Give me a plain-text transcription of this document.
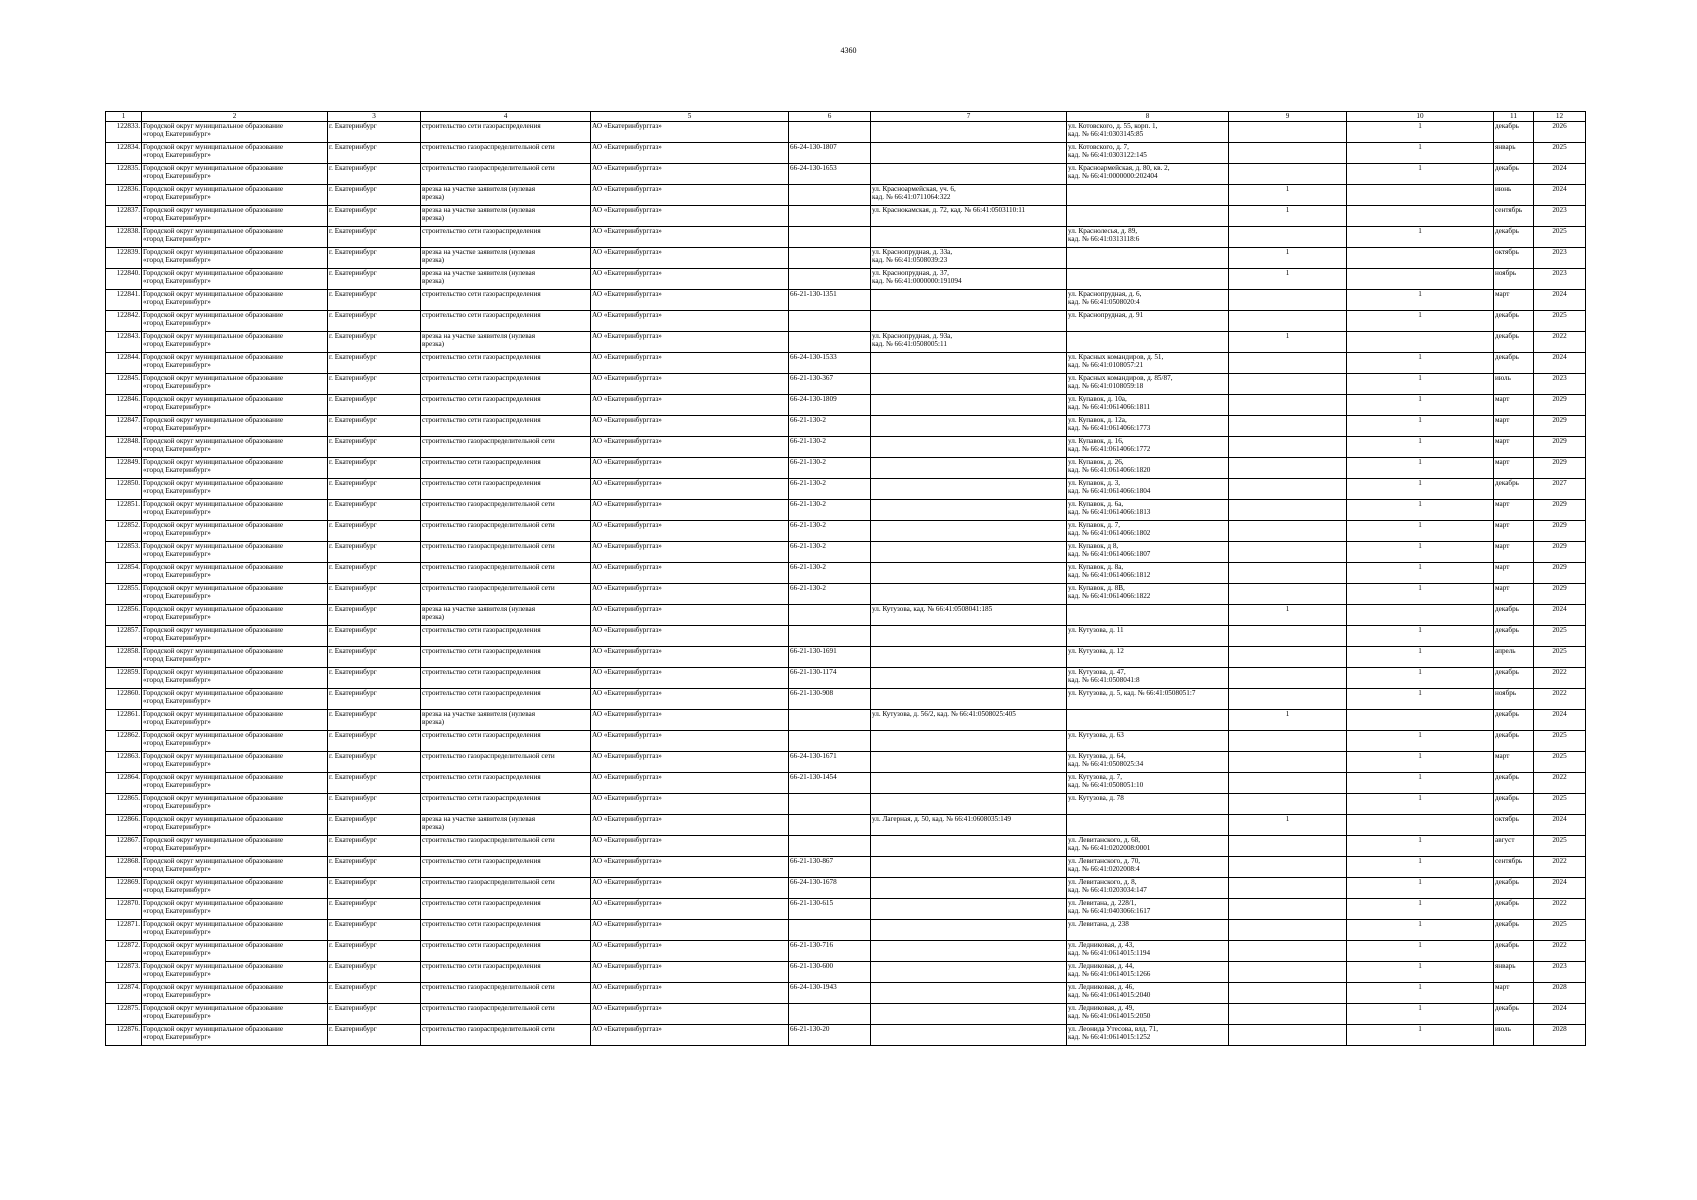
4360
1	2	3	4	5	6	7	8	9	10	11	12
122833.	Городской округ муниципальное образование
«город Екатеринбург»	г. Екатеринбург	строительство сети газораспределения	АО «Екатеринбурггаз»			ул. Котовского, д. 55, корп. 1,
кад. № 66:41:0303145:85		1	декабрь	2026
122834.	Городской округ муниципальное образование
«город Екатеринбург»	г. Екатеринбург	строительство газораспределительной сети	АО «Екатеринбурггаз»	66-24-130-1807		ул. Котовского, д. 7,
кад. № 66:41:0303122:145		1	январь	2025
122835.	Городской округ муниципальное образование
«город Екатеринбург»	г. Екатеринбург	строительство газораспределительной сети	АО «Екатеринбурггаз»	66-24-130-1653		ул. Красноармейская, д. 80, кв. 2,
кад. № 66:41:0000000:202404		1	декабрь	2024
122836.	Городской округ муниципальное образование
«город Екатеринбург»	г. Екатеринбург	врезка на участке заявителя (нулевая
врезка)	АО «Екатеринбурггаз»		ул. Красноармейская, уч. 6,
кад. № 66:41:0711064:322		1		июнь	2024
122837.	Городской округ муниципальное образование
«город Екатеринбург»	г. Екатеринбург	врезка на участке заявителя (нулевая
врезка)	АО «Екатеринбурггаз»		ул. Краснокамская, д. 72, кад. № 66:41:0503110:11		1		сентябрь	2023
122838.	Городской округ муниципальное образование
«город Екатеринбург»	г. Екатеринбург	строительство сети газораспределения	АО «Екатеринбурггаз»			ул. Краснолесья, д. 89,
кад. № 66:41:0313118:6		1	декабрь	2025
122839.	Городской округ муниципальное образование
«город Екатеринбург»	г. Екатеринбург	врезка на участке заявителя (нулевая
врезка)	АО «Екатеринбурггаз»		ул. Краснопрудная, д. 33а,
кад. № 66:41:0508039:23		1		октябрь	2023
122840.	Городской округ муниципальное образование
«город Екатеринбург»	г. Екатеринбург	врезка на участке заявителя (нулевая
врезка)	АО «Екатеринбурггаз»		ул. Краснопрудная, д. 37,
кад. № 66:41:0000000:191094		1		ноябрь	2023
122841.	Городской округ муниципальное образование
«город Екатеринбург»	г. Екатеринбург	строительство сети газораспределения	АО «Екатеринбурггаз»	66-21-130-1351		ул. Краснопрудная, д. 6,
кад. № 66:41:0508020:4		1	март	2024
122842.	Городской округ муниципальное образование
«город Екатеринбург»	г. Екатеринбург	строительство сети газораспределения	АО «Екатеринбурггаз»			ул. Краснопрудная, д. 91		1	декабрь	2025
122843.	Городской округ муниципальное образование
«город Екатеринбург»	г. Екатеринбург	врезка на участке заявителя (нулевая
врезка)	АО «Екатеринбурггаз»		ул. Краснопрудная, д. 93а,
кад. № 66:41:0508005:11		1		декабрь	2022
122844.	Городской округ муниципальное образование
«город Екатеринбург»	г. Екатеринбург	строительство сети газораспределения	АО «Екатеринбурггаз»	66-24-130-1533		ул. Красных командиров, д. 51,
кад. № 66:41:0108057:21		1	декабрь	2024
122845.	Городской округ муниципальное образование
«город Екатеринбург»	г. Екатеринбург	строительство сети газораспределения	АО «Екатеринбурггаз»	66-21-130-367		ул. Красных командиров, д. 85/87,
кад. № 66:41:0108059:18		1	июль	2023
122846.	Городской округ муниципальное образование
«город Екатеринбург»	г. Екатеринбург	строительство сети газораспределения	АО «Екатеринбурггаз»	66-24-130-1809		ул. Купавок, д. 10а,
кад. № 66:41:0614066:1811		1	март	2029
122847.	Городской округ муниципальное образование
«город Екатеринбург»	г. Екатеринбург	строительство сети газораспределения	АО «Екатеринбурггаз»	66-21-130-2		ул. Купавок, д. 12а,
кад. № 66:41:0614066:1773		1	март	2029
122848.	Городской округ муниципальное образование
«город Екатеринбург»	г. Екатеринбург	строительство газораспределительной сети	АО «Екатеринбурггаз»	66-21-130-2		ул. Купавок, д. 16,
кад. № 66:41:0614066:1772		1	март	2029
122849.	Городской округ муниципальное образование
«город Екатеринбург»	г. Екатеринбург	строительство сети газораспределения	АО «Екатеринбурггаз»	66-21-130-2		ул. Купавок, д. 26,
кад. № 66:41:0614066:1820		1	март	2029
122850.	Городской округ муниципальное образование
«город Екатеринбург»	г. Екатеринбург	строительство сети газораспределения	АО «Екатеринбурггаз»	66-21-130-2		ул. Купавок, д. 3,
кад. № 66:41:0614066:1804		1	декабрь	2027
122851.	Городской округ муниципальное образование
«город Екатеринбург»	г. Екатеринбург	строительство газораспределительной сети	АО «Екатеринбурггаз»	66-21-130-2		ул. Купавок, д. 6а,
кад. № 66:41:0614066:1813		1	март	2029
122852.	Городской округ муниципальное образование
«город Екатеринбург»	г. Екатеринбург	строительство газораспределительной сети	АО «Екатеринбурггаз»	66-21-130-2		ул. Купавок, д. 7,
кад. № 66:41:0614066:1802		1	март	2029
122853.	Городской округ муниципальное образование
«город Екатеринбург»	г. Екатеринбург	строительство газораспределительной сети	АО «Екатеринбурггаз»	66-21-130-2		ул. Купавок, д 8,
кад. № 66:41:0614066:1807		1	март	2029
122854.	Городской округ муниципальное образование
«город Екатеринбург»	г. Екатеринбург	строительство газораспределительной сети	АО «Екатеринбурггаз»	66-21-130-2		ул. Купавок, д. 8а,
кад. № 66:41:0614066:1812		1	март	2029
122855.	Городской округ муниципальное образование
«город Екатеринбург»	г. Екатеринбург	строительство газораспределительной сети	АО «Екатеринбурггаз»	66-21-130-2		ул. Купавок, д. 8В,
кад. № 66:41:0614066:1822		1	март	2029
122856.	Городской округ муниципальное образование
«город Екатеринбург»	г. Екатеринбург	врезка на участке заявителя (нулевая
врезка)	АО «Екатеринбурггаз»		ул. Кутузова, кад. № 66:41:0508041:185		1		декабрь	2024
122857.	Городской округ муниципальное образование
«город Екатеринбург»	г. Екатеринбург	строительство сети газораспределения	АО «Екатеринбурггаз»			ул. Кутузова, д. 11		1	декабрь	2025
122858.	Городской округ муниципальное образование
«город Екатеринбург»	г. Екатеринбург	строительство сети газораспределения	АО «Екатеринбурггаз»	66-21-130-1691		ул. Кутузова, д. 12		1	апрель	2025
122859.	Городской округ муниципальное образование
«город Екатеринбург»	г. Екатеринбург	строительство сети газораспределения	АО «Екатеринбурггаз»	66-21-130-1174		ул. Кутузова, д. 47,
кад. № 66:41:0508041:8		1	декабрь	2022
122860.	Городской округ муниципальное образование
«город Екатеринбург»	г. Екатеринбург	строительство сети газораспределения	АО «Екатеринбурггаз»	66-21-130-908		ул. Кутузова, д. 5, кад. № 66:41:0508051:7		1	ноябрь	2022
122861.	Городской округ муниципальное образование
«город Екатеринбург»	г. Екатеринбург	врезка на участке заявителя (нулевая
врезка)	АО «Екатеринбурггаз»		ул. Кутузова, д. 56/2, кад. № 66:41:0508025:405		1		декабрь	2024
122862.	Городской округ муниципальное образование
«город Екатеринбург»	г. Екатеринбург	строительство сети газораспределения	АО «Екатеринбурггаз»			ул. Кутузова, д. 63		1	декабрь	2025
122863.	Городской округ муниципальное образование
«город Екатеринбург»	г. Екатеринбург	строительство газораспределительной сети	АО «Екатеринбурггаз»	66-24-130-1671		ул. Кутузова, д. 64,
кад. № 66:41:0508025:34		1	март	2025
122864.	Городской округ муниципальное образование
«город Екатеринбург»	г. Екатеринбург	строительство сети газораспределения	АО «Екатеринбурггаз»	66-21-130-1454		ул. Кутузова, д. 7,
кад. № 66:41:0508051:10		1	декабрь	2022
122865.	Городской округ муниципальное образование
«город Екатеринбург»	г. Екатеринбург	строительство сети газораспределения	АО «Екатеринбурггаз»			ул. Кутузова, д. 78		1	декабрь	2025
122866.	Городской округ муниципальное образование
«город Екатеринбург»	г. Екатеринбург	врезка на участке заявителя (нулевая
врезка)	АО «Екатеринбурггаз»		ул. Лагерная, д. 50, кад. № 66:41:0608035:149		1		октябрь	2024
122867.	Городской округ муниципальное образование
«город Екатеринбург»	г. Екатеринбург	строительство газораспределительной сети	АО «Екатеринбурггаз»			ул. Левитанского, д. 68,
кад. № 66:41:0202008:0001		1	август	2025
122868.	Городской округ муниципальное образование
«город Екатеринбург»	г. Екатеринбург	строительство сети газораспределения	АО «Екатеринбурггаз»	66-21-130-867		ул. Левитанского, д. 70,
кад. № 66:41:0202008:4		1	сентябрь	2022
122869.	Городской округ муниципальное образование
«город Екатеринбург»	г. Екатеринбург	строительство газораспределительной сети	АО «Екатеринбурггаз»	66-24-130-1678		ул. Левитанского, д. 8,
кад. № 66:41:0203034:147		1	декабрь	2024
122870.	Городской округ муниципальное образование
«город Екатеринбург»	г. Екатеринбург	строительство сети газораспределения	АО «Екатеринбурггаз»	66-21-130-615		ул. Левитана, д. 228/1,
кад. № 66:41:0403066:1617		1	декабрь	2022
122871.	Городской округ муниципальное образование
«город Екатеринбург»	г. Екатеринбург	строительство сети газораспределения	АО «Екатеринбурггаз»			ул. Левитана, д. 238		1	декабрь	2025
122872.	Городской округ муниципальное образование
«город Екатеринбург»	г. Екатеринбург	строительство сети газораспределения	АО «Екатеринбурггаз»	66-21-130-716		ул. Ледниковая, д. 43,
кад. № 66:41:0614015:1194		1	декабрь	2022
122873.	Городской округ муниципальное образование
«город Екатеринбург»	г. Екатеринбург	строительство сети газораспределения	АО «Екатеринбурггаз»	66-21-130-600		ул. Ледниковая, д. 44,
кад. № 66:41:0614015:1266		1	январь	2023
122874.	Городской округ муниципальное образование
«город Екатеринбург»	г. Екатеринбург	строительство газораспределительной сети	АО «Екатеринбурггаз»	66-24-130-1943		ул. Ледниковая, д. 46,
кад. № 66:41:0614015:2040		1	март	2028
122875.	Городской округ муниципальное образование
«город Екатеринбург»	г. Екатеринбург	строительство газораспределительной сети	АО «Екатеринбурггаз»			ул. Ледниковая, д. 49,
кад. № 66:41:0614015:2050		1	декабрь	2024
122876.	Городской округ муниципальное образование
«город Екатеринбург»	г. Екатеринбург	строительство газораспределительной сети	АО «Екатеринбурггаз»	66-21-130-20		ул. Леонида Утесова, влд. 71,
кад. № 66:41:0614015:1252		1	июль	2028
